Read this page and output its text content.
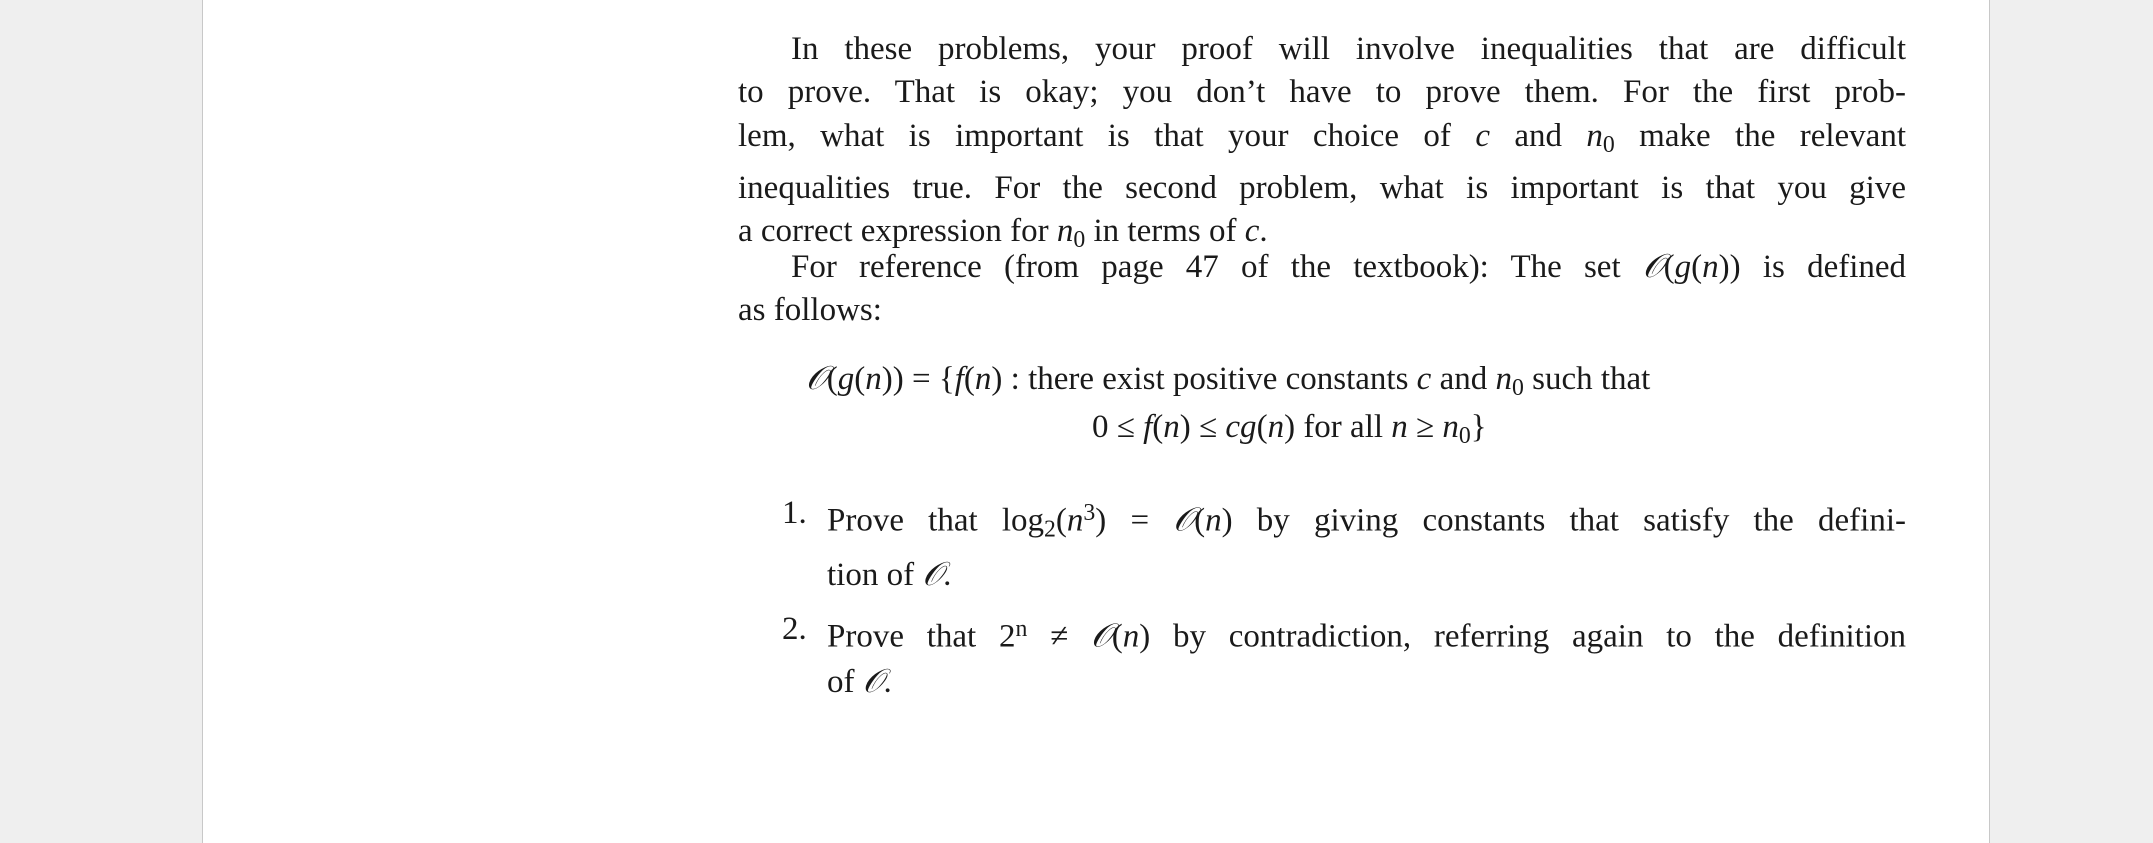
In these problems, your proof will involve inequalities that are difficult
to prove. That is okay; you don’t have to prove them. For the first prob-
lem, what is important is that your choice of c and $n_0$ make the relevant
inequalities true. For the second problem, what is important is that you give
a correct expression for $n_0$ in terms of c.
For reference (from page 47 of the textbook): The set 𝒪(g(n)) is defined
as follows:
𝒪(g(n)) = {f(n) : there exist positive constants c and $n_0$ such that
0 ≤ f(n) ≤ cg(n) for all $n \ge n_0$}
1. Prove that $\log_2(n^3)$ = 𝒪(n) by giving constants that satisfy the defini-
tion of 𝒪.
2. Prove that $2^n$ ≠ 𝒪(n) by contradiction, referring again to the definition
of 𝒪.
